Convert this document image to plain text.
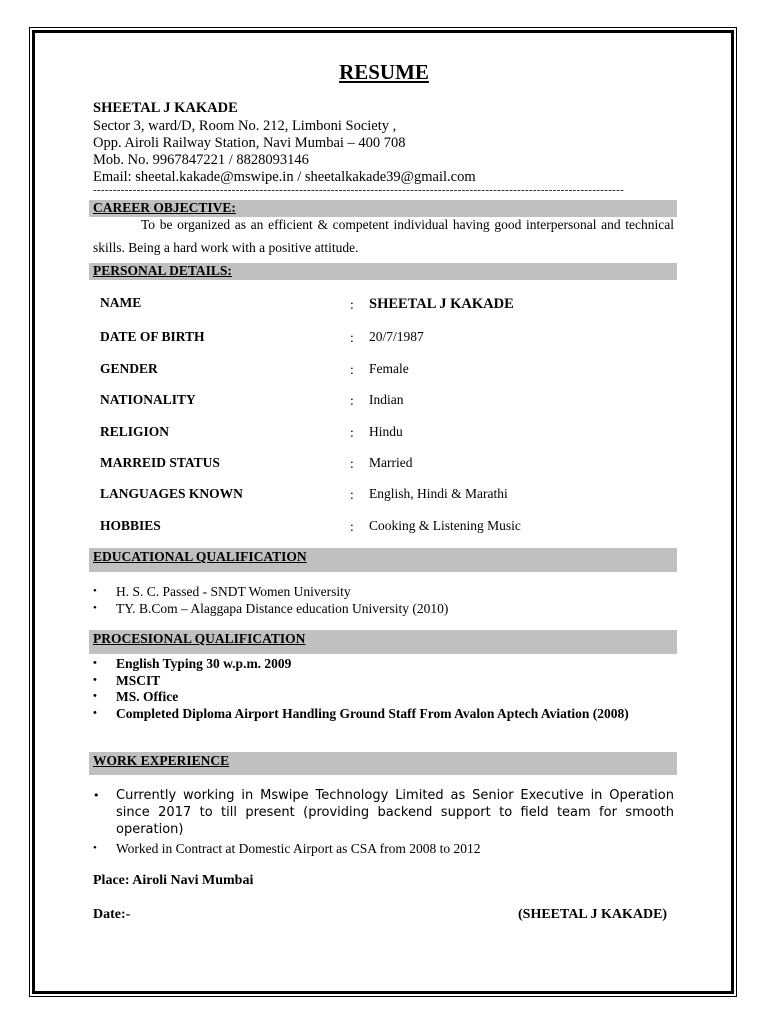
RESUME
SHEETAL J KAKADE
Sector 3, ward/D, Room No. 212, Limboni Society ,
Opp. Airoli Railway Station, Navi Mumbai – 400 708
Mob. No. 9967847221 / 8828093146
Email: sheetal.kakade@mswipe.in / sheetalkakade39@gmail.com
--------------------------------------------------------------------------------------------------------------------------------------
CAREER OBJECTIVE:
To be organized as an efficient & competent individual having good interpersonal and technical skills. Being a hard work with a positive attitude.
PERSONAL DETAILS:
NAME	: SHEETAL J KAKADE
DATE OF BIRTH	: 20/7/1987
GENDER	: Female
NATIONALITY	: Indian
RELIGION	: Hindu
MARREID STATUS	: Married
LANGUAGES KNOWN	: English, Hindi & Marathi
HOBBIES	: Cooking & Listening Music
EDUCATIONAL QUALIFICATION
• H. S. C. Passed - SNDT Women University
• TY. B.Com – Alaggapa Distance education University (2010)
PROCESIONAL QUALIFICATION
• English Typing 30 w.p.m. 2009
• MSCIT
• MS. Office
• Completed Diploma Airport Handling Ground Staff From Avalon Aptech Aviation (2008)
WORK EXPERIENCE
• Currently working in Mswipe Technology Limited as Senior Executive in Operation since 2017 to till present (providing backend support to field team for smooth operation)
• Worked in Contract at Domestic Airport as CSA from 2008 to 2012
Place: Airoli Navi Mumbai
Date:-	(SHEETAL J KAKADE)
